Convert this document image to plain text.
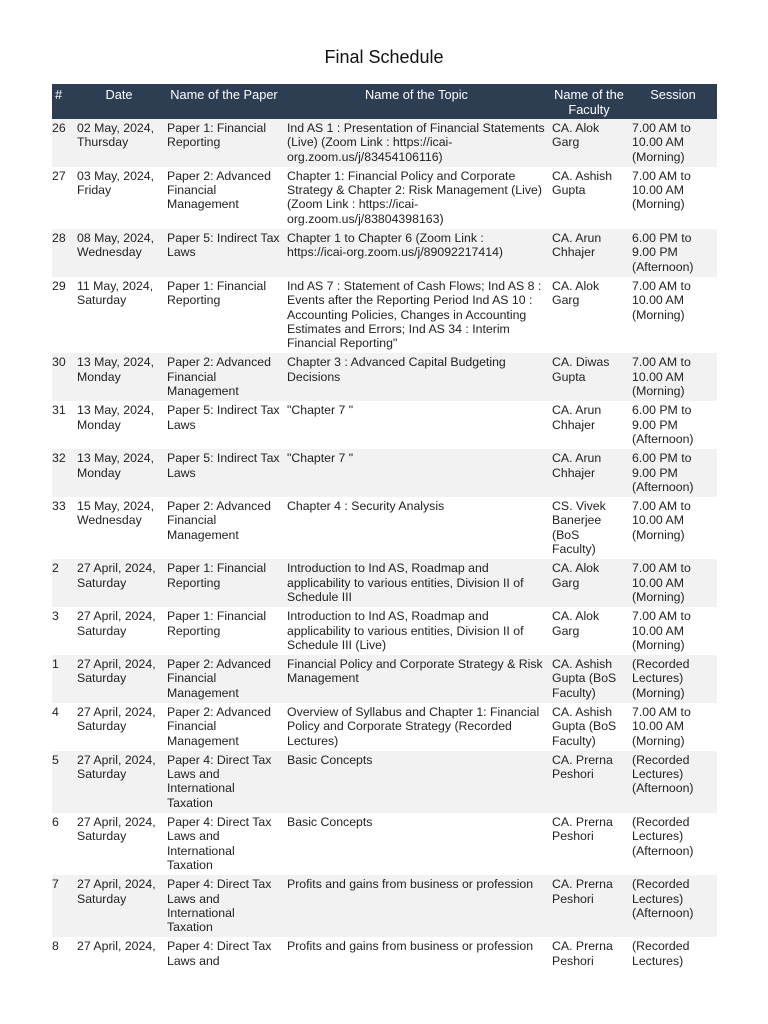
Final Schedule
#	Date	Name of the Paper	Name of the Topic	Name of the Faculty	Session
26	02 May, 2024, Thursday	Paper 1: Financial Reporting	Ind AS 1 : Presentation of Financial Statements (Live) (Zoom Link : https://icai-org.zoom.us/j/83454106116)	CA. Alok Garg	7.00 AM to 10.00 AM (Morning)
27	03 May, 2024, Friday	Paper 2: Advanced Financial Management	Chapter 1: Financial Policy and Corporate Strategy & Chapter 2: Risk Management (Live) (Zoom Link : https://icai-org.zoom.us/j/83804398163)	CA. Ashish Gupta	7.00 AM to 10.00 AM (Morning)
28	08 May, 2024, Wednesday	Paper 5: Indirect Tax Laws	Chapter 1 to Chapter 6 (Zoom Link : https://icai-org.zoom.us/j/89092217414)	CA. Arun Chhajer	6.00 PM to 9.00 PM (Afternoon)
29	11 May, 2024, Saturday	Paper 1: Financial Reporting	Ind AS 7 : Statement of Cash Flows; Ind AS 8 : Events after the Reporting Period Ind AS 10 : Accounting Policies, Changes in Accounting Estimates and Errors; Ind AS 34 : Interim Financial Reporting"	CA. Alok Garg	7.00 AM to 10.00 AM (Morning)
30	13 May, 2024, Monday	Paper 2: Advanced Financial Management	Chapter 3 : Advanced Capital Budgeting Decisions	CA. Diwas Gupta	7.00 AM to 10.00 AM (Morning)
31	13 May, 2024, Monday	Paper 5: Indirect Tax Laws	"Chapter 7 "	CA. Arun Chhajer	6.00 PM to 9.00 PM (Afternoon)
32	13 May, 2024, Monday	Paper 5: Indirect Tax Laws	"Chapter 7 "	CA. Arun Chhajer	6.00 PM to 9.00 PM (Afternoon)
33	15 May, 2024, Wednesday	Paper 2: Advanced Financial Management	Chapter 4 : Security Analysis	CS. Vivek Banerjee (BoS Faculty)	7.00 AM to 10.00 AM (Morning)
2	27 April, 2024, Saturday	Paper 1: Financial Reporting	Introduction to Ind AS, Roadmap and applicability to various entities, Division II of Schedule III	CA. Alok Garg	7.00 AM to 10.00 AM (Morning)
3	27 April, 2024, Saturday	Paper 1: Financial Reporting	Introduction to Ind AS, Roadmap and applicability to various entities, Division II of Schedule III (Live)	CA. Alok Garg	7.00 AM to 10.00 AM (Morning)
1	27 April, 2024, Saturday	Paper 2: Advanced Financial Management	Financial Policy and Corporate Strategy & Risk Management	CA. Ashish Gupta (BoS Faculty)	(Recorded Lectures) (Morning)
4	27 April, 2024, Saturday	Paper 2: Advanced Financial Management	Overview of Syllabus and Chapter 1: Financial Policy and Corporate Strategy (Recorded Lectures)	CA. Ashish Gupta (BoS Faculty)	7.00 AM to 10.00 AM (Morning)
5	27 April, 2024, Saturday	Paper 4: Direct Tax Laws and International Taxation	Basic Concepts	CA. Prerna Peshori	(Recorded Lectures) (Afternoon)
6	27 April, 2024, Saturday	Paper 4: Direct Tax Laws and International Taxation	Basic Concepts	CA. Prerna Peshori	(Recorded Lectures) (Afternoon)
7	27 April, 2024, Saturday	Paper 4: Direct Tax Laws and International Taxation	Profits and gains from business or profession	CA. Prerna Peshori	(Recorded Lectures) (Afternoon)
8	27 April, 2024,	Paper 4: Direct Tax Laws and	Profits and gains from business or profession	CA. Prerna Peshori	(Recorded Lectures)
